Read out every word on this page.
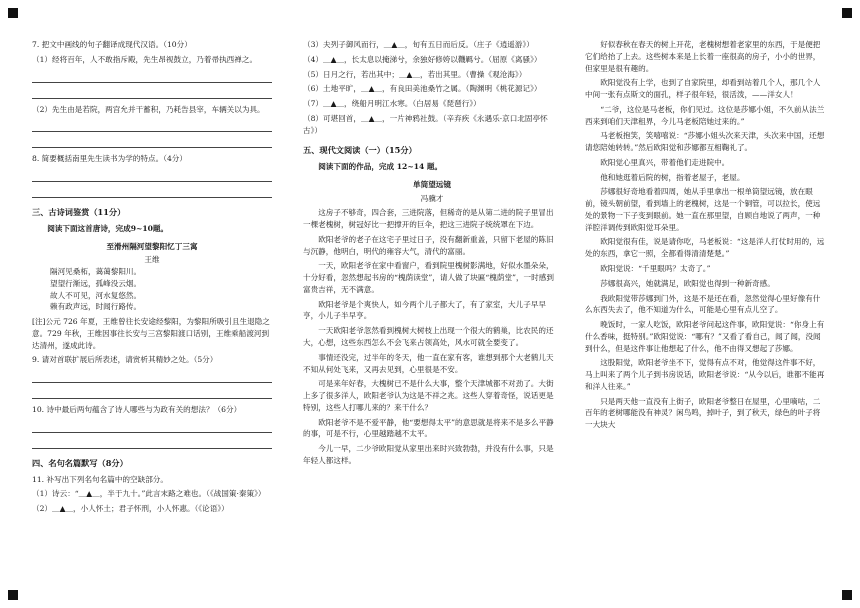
7. 把文中画线的句子翻译成现代汉语。（10分）

（1）经将百年，人不敢指斥殿，先生昂视鼓立，乃着帚执西禅之。

（2）先生由是若院，两宫允并干蓄积，乃耗告县宰，车辆关以为具。

8. 简要概括南里先生读书为学的特点。（4分）

三、古诗词鉴赏（11分）

阅读下面这首唐诗，完成9~10题。

至滑州隔河望黎阳忆丁三寓

王维

隔河见桑柘，蔼蔼黎阳川。

望望行渐远，孤峰没云烟。

故人不可见，河水复悠然。

赖有政声远，时闻行路传。

[注]公元 726 年夏，王维曾往长安途经黎阳，为黎阳所吸引且生退隐之意。729 年秋，王维因事往长安与三宫黎阳渡口话别，王维乘船渡河到达清州，遂成此诗。

9. 请对首联扩展后所表述，请赏析其精妙之处。（5分）

10. 诗中最后两句蕴含了诗人哪些与为政有关的想法？（6分）

四、名句名篇默写（8分）

11. 补写出下列名句名篇中的空缺部分。

（1）诗云：“＿▲＿，半于九十。”此言末路之难也。（《战国策·秦策》）

（2）＿▲＿，小人怀土；君子怀刑，小人怀惠。（《论语》）

（3）夫列子御风而行，＿▲＿，旬有五日而后反。（庄子《逍遥游》）

（4）＿▲＿，长太息以掩涕兮，余独好修姱以鞿羁兮。（屈原《离骚》）

（5）日月之行，若出其中；＿▲＿，若出其里。（曹操《观沧海》）

（6）土地平旷，＿▲＿，有良田美池桑竹之属。（陶渊明《桃花源记》）

（7）＿▲＿，绕船月明江水寒。（白居易《琵琶行》）

（8）可堪回首，＿▲＿，一片神鸦社鼓。（辛弃疾《永遇乐·京口北固亭怀古》）

五、现代文阅读（一）（15分）

阅读下面的作品，完成 12~14 题。

单筒望远镜

冯骥才

这房子不够奇，四合套，三进院落，但稀奇的是从第二进的院子里冒出一棵老槐树，树冠好比一把撑开的巨伞，把这三进院子统统罩在下边。

欧阳老爷的老子在这宅子里过日子，没有翻新重盖，只留下老屋的陈旧与沉静，他明白，明代的雍容大气，清代的富丽。

一天，欧阳老爷在家中看窗户，看到院里槐树影满地，好似水墨朵朵，十分好看，忽然想起书房的“槐荫读堂”，请人做了块匾“槐荫堂”，一时感到富贵吉祥，无不满意。

欧阳老爷是个爽快人，如今两个儿子都大了，有了家室，大儿子早早亨，小儿子半早亨。

一天欧阳老爷忽然看到槐树大树枝上出现一个很大的鹤巢，比农民的还大，心想，这些东西怎么不会飞来占领高处，风水可就全要变了。

事情还没完，过半年的冬天，他一直在家有客，谁想到那个大老鹤儿天不知从何处飞来，又再去见到，心里很是不安。

可是来年好春，大槐树已不是什么大事，整个天津城都不对劲了。大街上多了很多洋人，欧阳老爷认为这是不祥之兆。这些人穿着奇怪，说话更是特别，这些人打哪儿来的？来干什么？

欧阳老爷不是不爱平静，他“要想得太平”的意思就是将来不是多么平静的事，可是不行，心里越踏越不太平。

今儿一早，二少爷欧阳觉从家里出来时兴致勃勃，并没有什么事，只是年轻人都这样。

好似春秋在春天的树上开花，老槐树想着老家里的东西，于是便把它们给抬了上去。这些树本来是上长着一座很高的房子，小小的世界，但家里是很有趣的。

欧阳觉没有上学，也到了自家院里，却看到站着几个人，那几个人中间一张有点斯文的面孔，样子很年轻，很活泼，——洋女人！

“二爷，这位是马老板，你们见过。这位是莎娜小姐，不久前从法兰西来到咱们天津租界，今儿马老板陪她过来的。”

马老板抱笑，笑嘻嘻说：“莎娜小姐头次来天津，头次来中国，还想请您陪她转转。”然后欧阳觉和莎娜都互相鞠礼了。

欧阳觉心里真兴，带着他们走进院中。

他和她逛着后院的树，指着老屋子，老屋。

莎娜很好奇地看着四周，她从手里拿出一根单筒望远镜，放在眼前，镜头朝前望，看到墙上的老槐树，这是一个铜管，可以拉长，使远处的景物一下子变到眼前。她一直在那里望，自顾自地说了两声，一种洋腔洋调传到欧阳觉耳朵里。

欧阳觉很有佳，说是请你吃，马老板说：“这是洋人打仗时用的，远处的东西，拿它一照，全都看得清清楚楚。”

欧阳觉说：“千里眼吗？太奇了。”

莎娜很高兴，她就满足，欧阳觉也得到一种新奇感。

我欧阳觉带莎娜到门外，这是不是还在看，忽然觉得心里好像有什么东西失去了，他不知道为什么，可能是心里有点儿空了。

晚饭时，一家人吃饭，欧阳老爷问起这件事，欧阳觉说：“你身上有什么香味，挺特别。”欧阳觉说：“哪有？”又看了看自己，闻了闻，没闻到什么，但是这件事让他想起了什么，他不由得又想起了莎娜。

这股阳觉，欧阳老爷坐不下，觉得有点不对，他觉得这件事不好，马上叫来了两个儿子到书房说话，欧阳老爷说：“从今以后，谁都不能再和洋人往来。”

只是两天他一直没有上街子，欧阳老爷整日在屋里，心里嘀咕，二百年的老树哪能没有神灵？闲鸟鸣，掉叶子，到了秋天，绿色的叶子将一大块大
